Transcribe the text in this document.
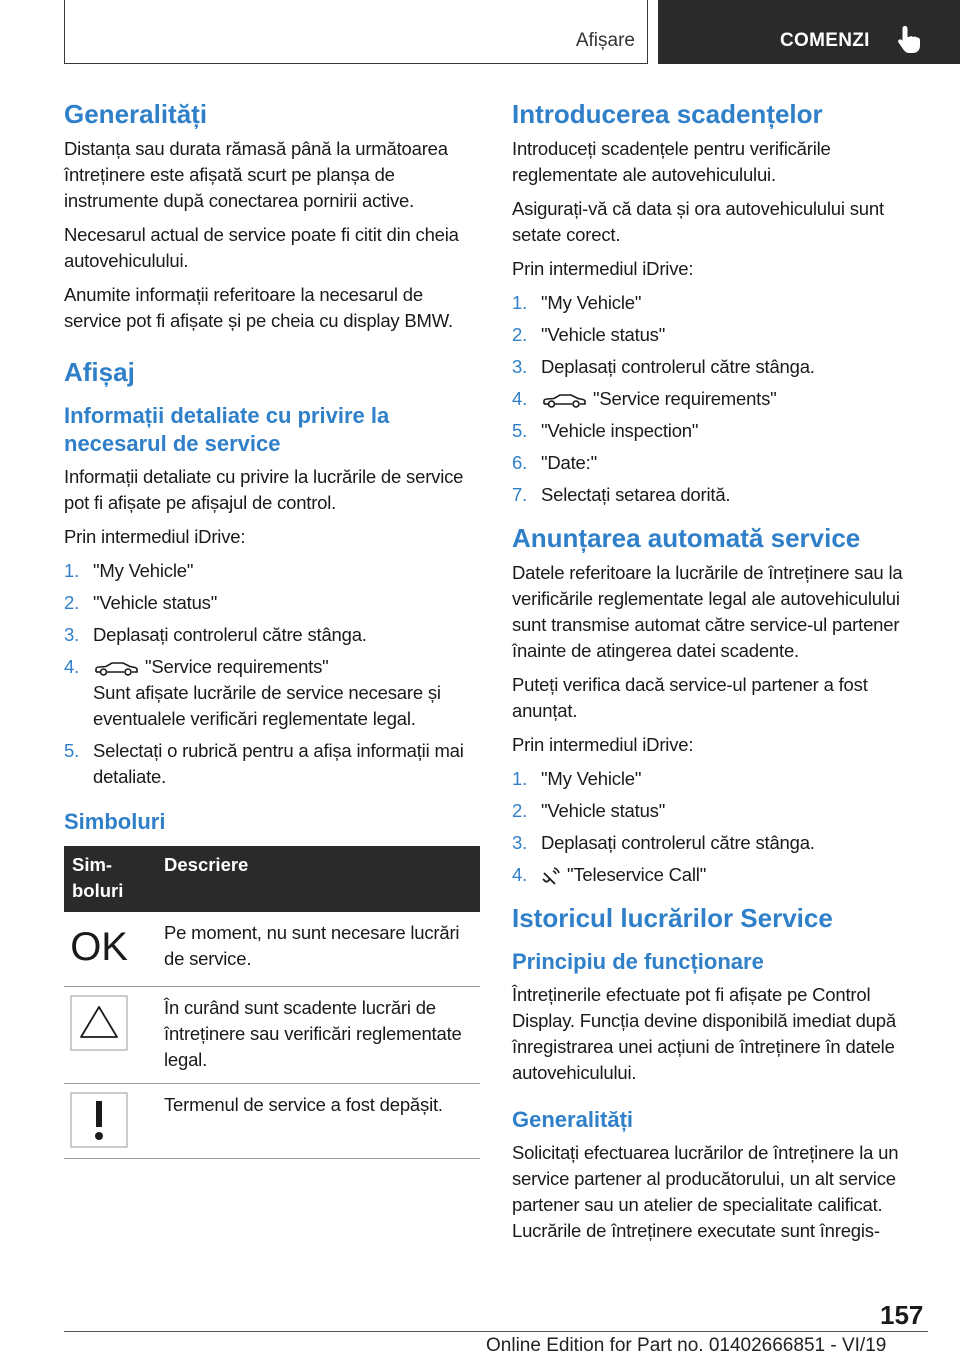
Afișare	COMENZI
Generalități

Distanța sau durata rămasă până la următoarea întreținere este afișată scurt pe planșa de instrumente după conectarea pornirii active.

Necesarul actual de service poate fi citit din cheia autovehiculului.

Anumite informații referitoare la necesarul de service pot fi afișate și pe cheia cu display BMW.

Afișaj
Informații detaliate cu privire la necesarul de service

Informații detaliate cu privire la lucrările de service pot fi afișate pe afișajul de control.

Prin intermediul iDrive:

1. "My Vehicle"
2. "Vehicle status"
3. Deplasați controlerul către stânga.
4.	"Service requirements"
Sunt afișate lucrările de service necesare și eventualele verificări reglementate legal.
5. Selectați o rubrică pentru a afișa informații mai detaliate.
Simboluri
Sim-boluri	Descriere

OK	Pe moment, nu sunt necesare lucrări de service.

	În curând sunt scadente lucrări de întreținere sau verificări reglementate legal.

	Termenul de service a fost depășit.
Introducerea scadențelor

Introduceți scadențele pentru verificările reglementate ale autovehiculului.

Asigurați-vă că data și ora autovehiculului sunt setate corect.

Prin intermediul iDrive:

1. "My Vehicle"
2. "Vehicle status"
3. Deplasați controlerul către stânga.
4.	"Service requirements"
5. "Vehicle inspection"
6. "Date:"
7. Selectați setarea dorită.
Anunțarea automată service

Datele referitoare la lucrările de întreținere sau la verificările reglementate legal ale autovehiculului sunt transmise automat către service-ul partener înainte de atingerea datei scadente.

Puteți verifica dacă service-ul partener a fost anunțat.

Prin intermediul iDrive:

1. "My Vehicle"
2. "Vehicle status"
3. Deplasați controlerul către stânga.
4. "Teleservice Call"
Istoricul lucrărilor Service
Principiu de funcționare

Întreținerile efectuate pot fi afișate pe Control Display. Funcția devine disponibilă imediat după înregistrarea unei acțiuni de întreținere în datele autovehiculului.

Generalități

Solicitați efectuarea lucrărilor de întreținere la un service partener al producătorului, un alt service partener sau un atelier de specialitate calificat. Lucrările de întreținere executate sunt înregis-

157
Online Edition for Part no. 01402666851 - VI/19
